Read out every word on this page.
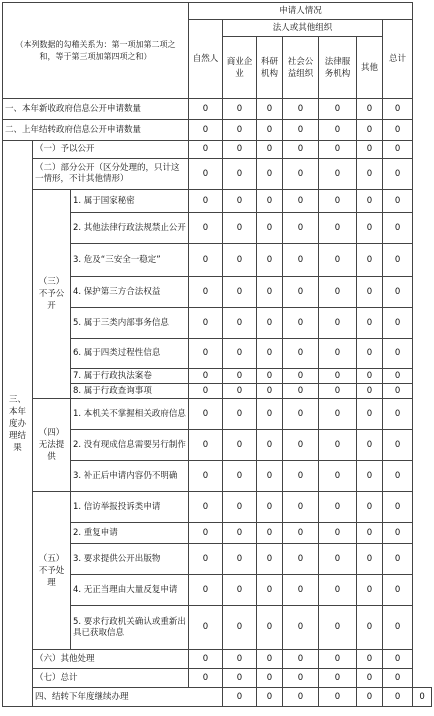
（本列数据的勾稽关系为：第一项加第二项之和，等于第三项加第四项之和）			申请人情况							
			自然人	法人或其他组织					总计	
				商业企业	科研机构	社会公益组织	法律服务机构	其他		
一、本年新收政府信息公开申请数量			0	0	0	0	0	0	0	
二、上年结转政府信息公开申请数量			0	0	0	0	0	0	0	
三、本年度办理结果	（一）予以公开		0	0	0	0	0	0	0	
	（二）部分公开（区分处理的，只计这一情形，不计其他情形）		0	0	0	0	0	0	0	
	（三）不予公开	1. 属于国家秘密	0	0	0	0	0	0	0	
		2. 其他法律行政法规禁止公开	0	0	0	0	0	0	0	
		3. 危及“三安全一稳定”	0	0	0	0	0	0	0	
		4. 保护第三方合法权益	0	0	0	0	0	0	0	
		5. 属于三类内部事务信息	0	0	0	0	0	0	0	
		6. 属于四类过程性信息	0	0	0	0	0	0	0	
		7. 属于行政执法案卷	0	0	0	0	0	0	0	
		8. 属于行政查询事项	0	0	0	0	0	0	0	
	（四）无法提供	1. 本机关不掌握相关政府信息	0	0	0	0	0	0	0	
		2. 没有现成信息需要另行制作	0	0	0	0	0	0	0	
		3. 补正后申请内容仍不明确	0	0	0	0	0	0	0	
	（五）不予处理	1. 信访举报投诉类申请	0	0	0	0	0	0	0	
		2. 重复申请	0	0	0	0	0	0	0	
		3. 要求提供公开出版物	0	0	0	0	0	0	0	
		4. 无正当理由大量反复申请	0	0	0	0	0	0	0	
		5. 要求行政机关确认或重新出具已获取信息	0	0	0	0	0	0	0	
	（六）其他处理		0	0	0	0	0	0	0	
	（七）总计		0	0	0	0	0	0	0	
	四、结转下年度继续办理			0	0	0	0	0	0	0
